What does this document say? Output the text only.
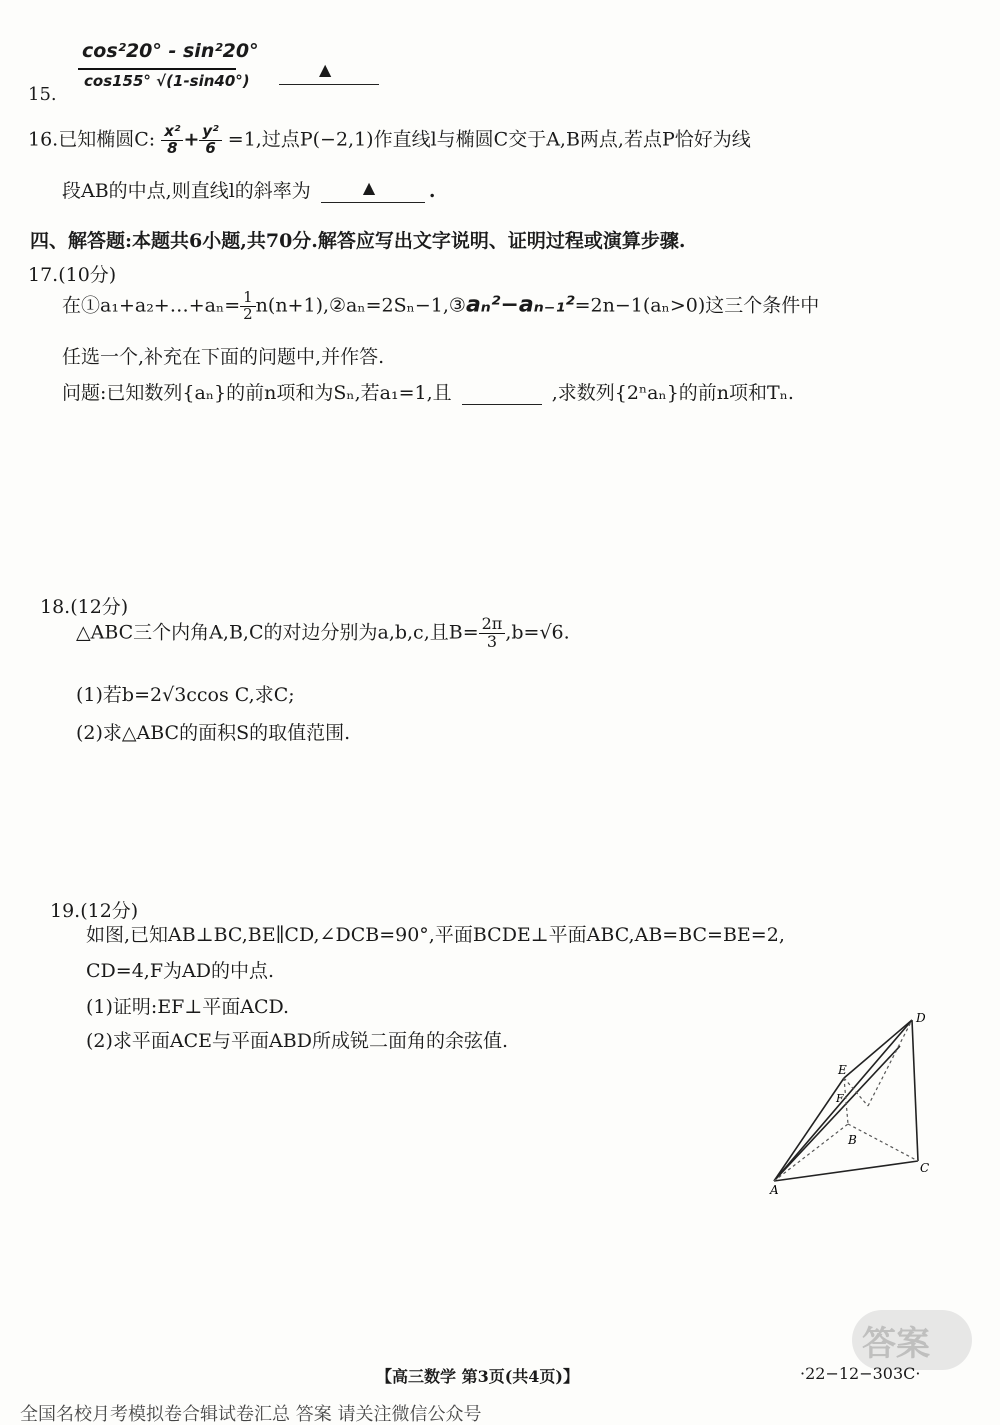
15.
cos²20° - sin²20°
cos155° √(1-sin40°)
▲

16.已知椭圆C: $\frac{\text{x²}}{8} + \frac{\text{y²}}{6} =1$,过点P(−2,1)作直线l与椭圆C交于A,B两点,若点P恰好为线
段AB的中点,则直线l的斜率为	▲	.
四、解答题:本题共6小题,共70分.解答应写出文字说明、证明过程或演算步骤.
17.(10分)
在①a₁+a₂+…+aₙ= $\frac{1}{2}$ n(n+1),②aₙ=2Sₙ−1,③aₙ²−aₙ₋₁²=2n−1(aₙ>0)这三个条件中
任选一个,补充在下面的问题中,并作答.
问题:已知数列{aₙ}的前n项和为Sₙ,若a₁=1,且	,求数列{2ⁿaₙ}的前n项和Tₙ.
18.(12分)
△ABC三个内角A,B,C的对边分别为a,b,c,且$B= \frac{2\pi}{3} ,b=√6$.
(1)若b=2√3ccos C,求C;
(2)求△ABC的面积S的取值范围.
19.(12分)
如图,已知AB⊥BC,BE∥CD,∠DCB=90°,平面BCDE⊥平面ABC,AB=BC=BE=2,
CD=4,F为AD的中点.
(1)证明:EF⊥平面ACD.
(2)求平面ACE与平面ABD所成锐二面角的余弦值.
D
E
F
B
C
A
答案
【高三数学 第3页(共4页)】	·22−12−303C·
全国名校月考模拟卷合辑试卷汇总 答案 请关注微信公众号
